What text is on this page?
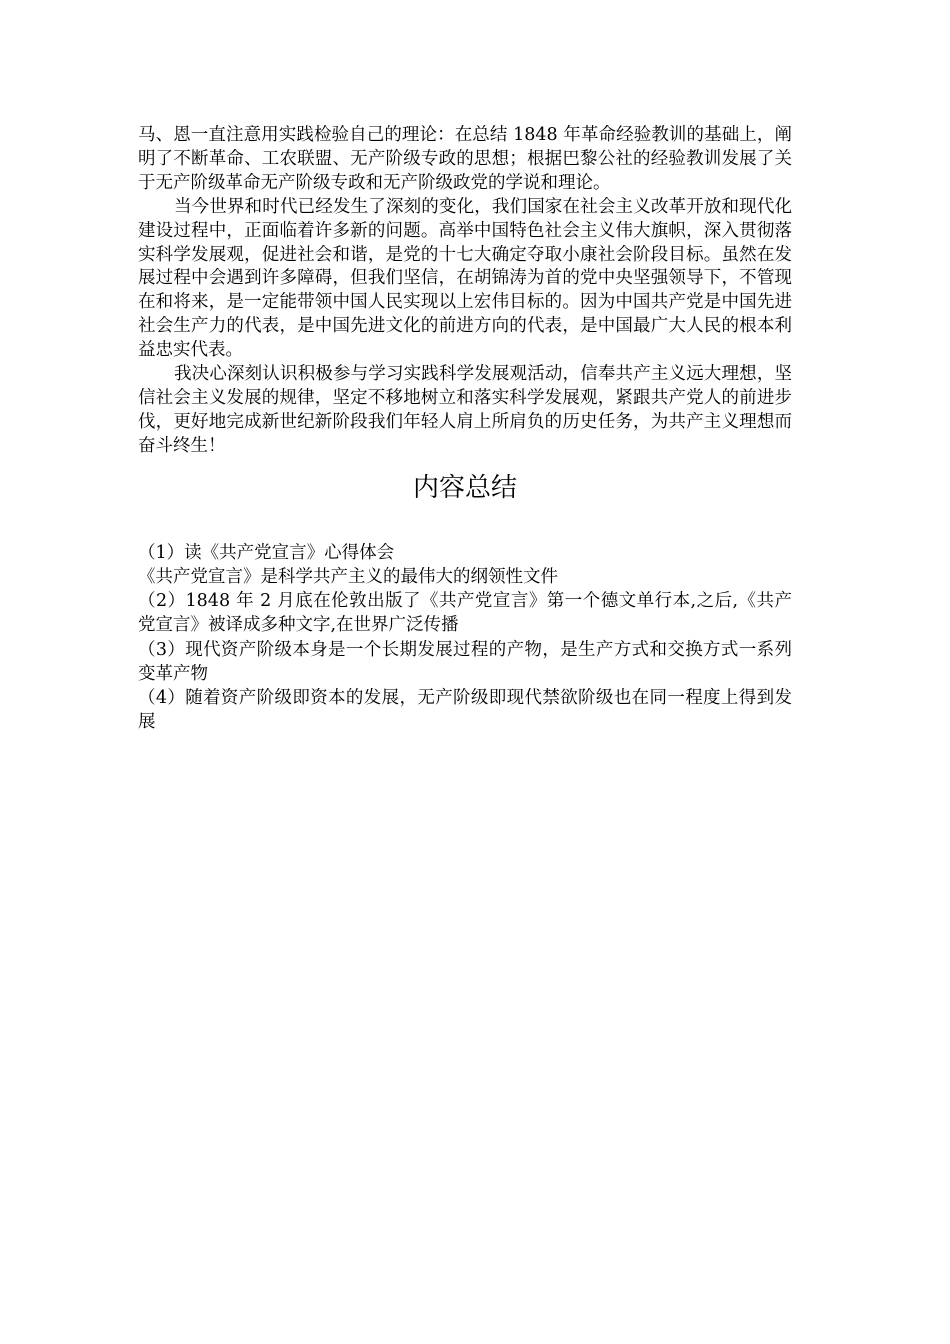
马、恩一直注意用实践检验自己的理论：在总结 1848 年革命经验教训的基础上，阐明了不断革命、工农联盟、无产阶级专政的思想；根据巴黎公社的经验教训发展了关于无产阶级革命无产阶级专政和无产阶级政党的学说和理论。

当今世界和时代已经发生了深刻的变化，我们国家在社会主义改革开放和现代化建设过程中，正面临着许多新的问题。高举中国特色社会主义伟大旗帜，深入贯彻落实科学发展观，促进社会和谐，是党的十七大确定夺取小康社会阶段目标。虽然在发展过程中会遇到许多障碍，但我们坚信，在胡锦涛为首的党中央坚强领导下，不管现在和将来，是一定能带领中国人民实现以上宏伟目标的。因为中国共产党是中国先进社会生产力的代表，是中国先进文化的前进方向的代表，是中国最广大人民的根本利益忠实代表。

我决心深刻认识积极参与学习实践科学发展观活动，信奉共产主义远大理想，坚信社会主义发展的规律，坚定不移地树立和落实科学发展观，紧跟共产党人的前进步伐，更好地完成新世纪新阶段我们年轻人肩上所肩负的历史任务，为共产主义理想而奋斗终生！

内容总结

（1）读《共产党宣言》心得体会

《共产党宣言》是科学共产主义的最伟大的纲领性文件

（2）1848 年 2 月底在伦敦出版了《共产党宣言》第一个德文单行本,之后,《共产党宣言》被译成多种文字,在世界广泛传播

（3）现代资产阶级本身是一个长期发展过程的产物，是生产方式和交换方式一系列变革产物

（4）随着资产阶级即资本的发展，无产阶级即现代禁欲阶级也在同一程度上得到发展
